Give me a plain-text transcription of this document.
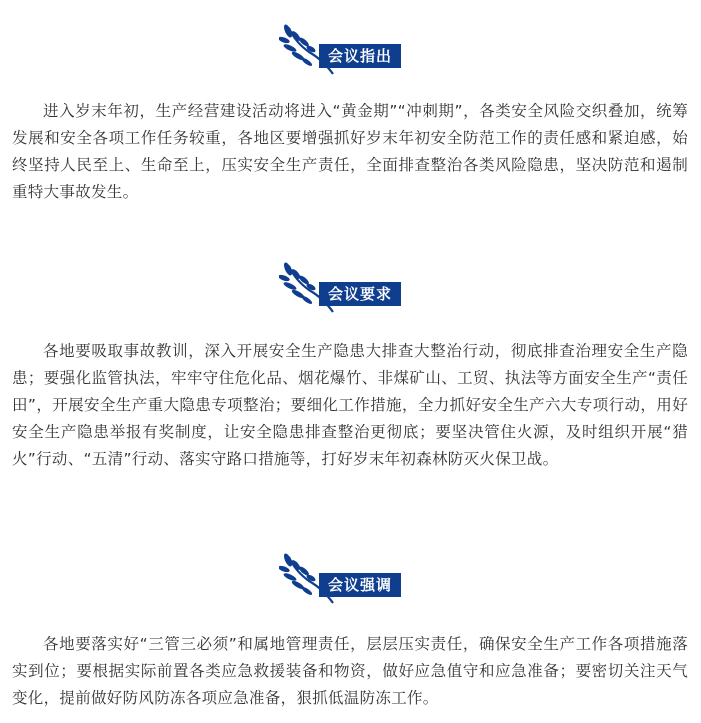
会议指出

进入岁末年初，生产经营建设活动将进入“黄金期”“冲刺期”，各类安全风险交织叠加，统筹发展和安全各项工作任务较重，各地区要增强抓好岁末年初安全防范工作的责任感和紧迫感，始终坚持人民至上、生命至上，压实安全生产责任，全面排查整治各类风险隐患，坚决防范和遏制重特大事故发生。

会议要求

各地要吸取事故教训，深入开展安全生产隐患大排查大整治行动，彻底排查治理安全生产隐患；要强化监管执法，牢牢守住危化品、烟花爆竹、非煤矿山、工贸、执法等方面安全生产“责任田”，开展安全生产重大隐患专项整治；要细化工作措施，全力抓好安全生产六大专项行动，用好安全生产隐患举报有奖制度，让安全隐患排查整治更彻底；要坚决管住火源，及时组织开展“猎火”行动、“五清”行动、落实守路口措施等，打好岁末年初森林防灭火保卫战。

会议强调

各地要落实好“三管三必须”和属地管理责任，层层压实责任，确保安全生产工作各项措施落实到位；要根据实际前置各类应急救援装备和物资，做好应急值守和应急准备；要密切关注天气变化，提前做好防风防冻各项应急准备，狠抓低温防冻工作。
